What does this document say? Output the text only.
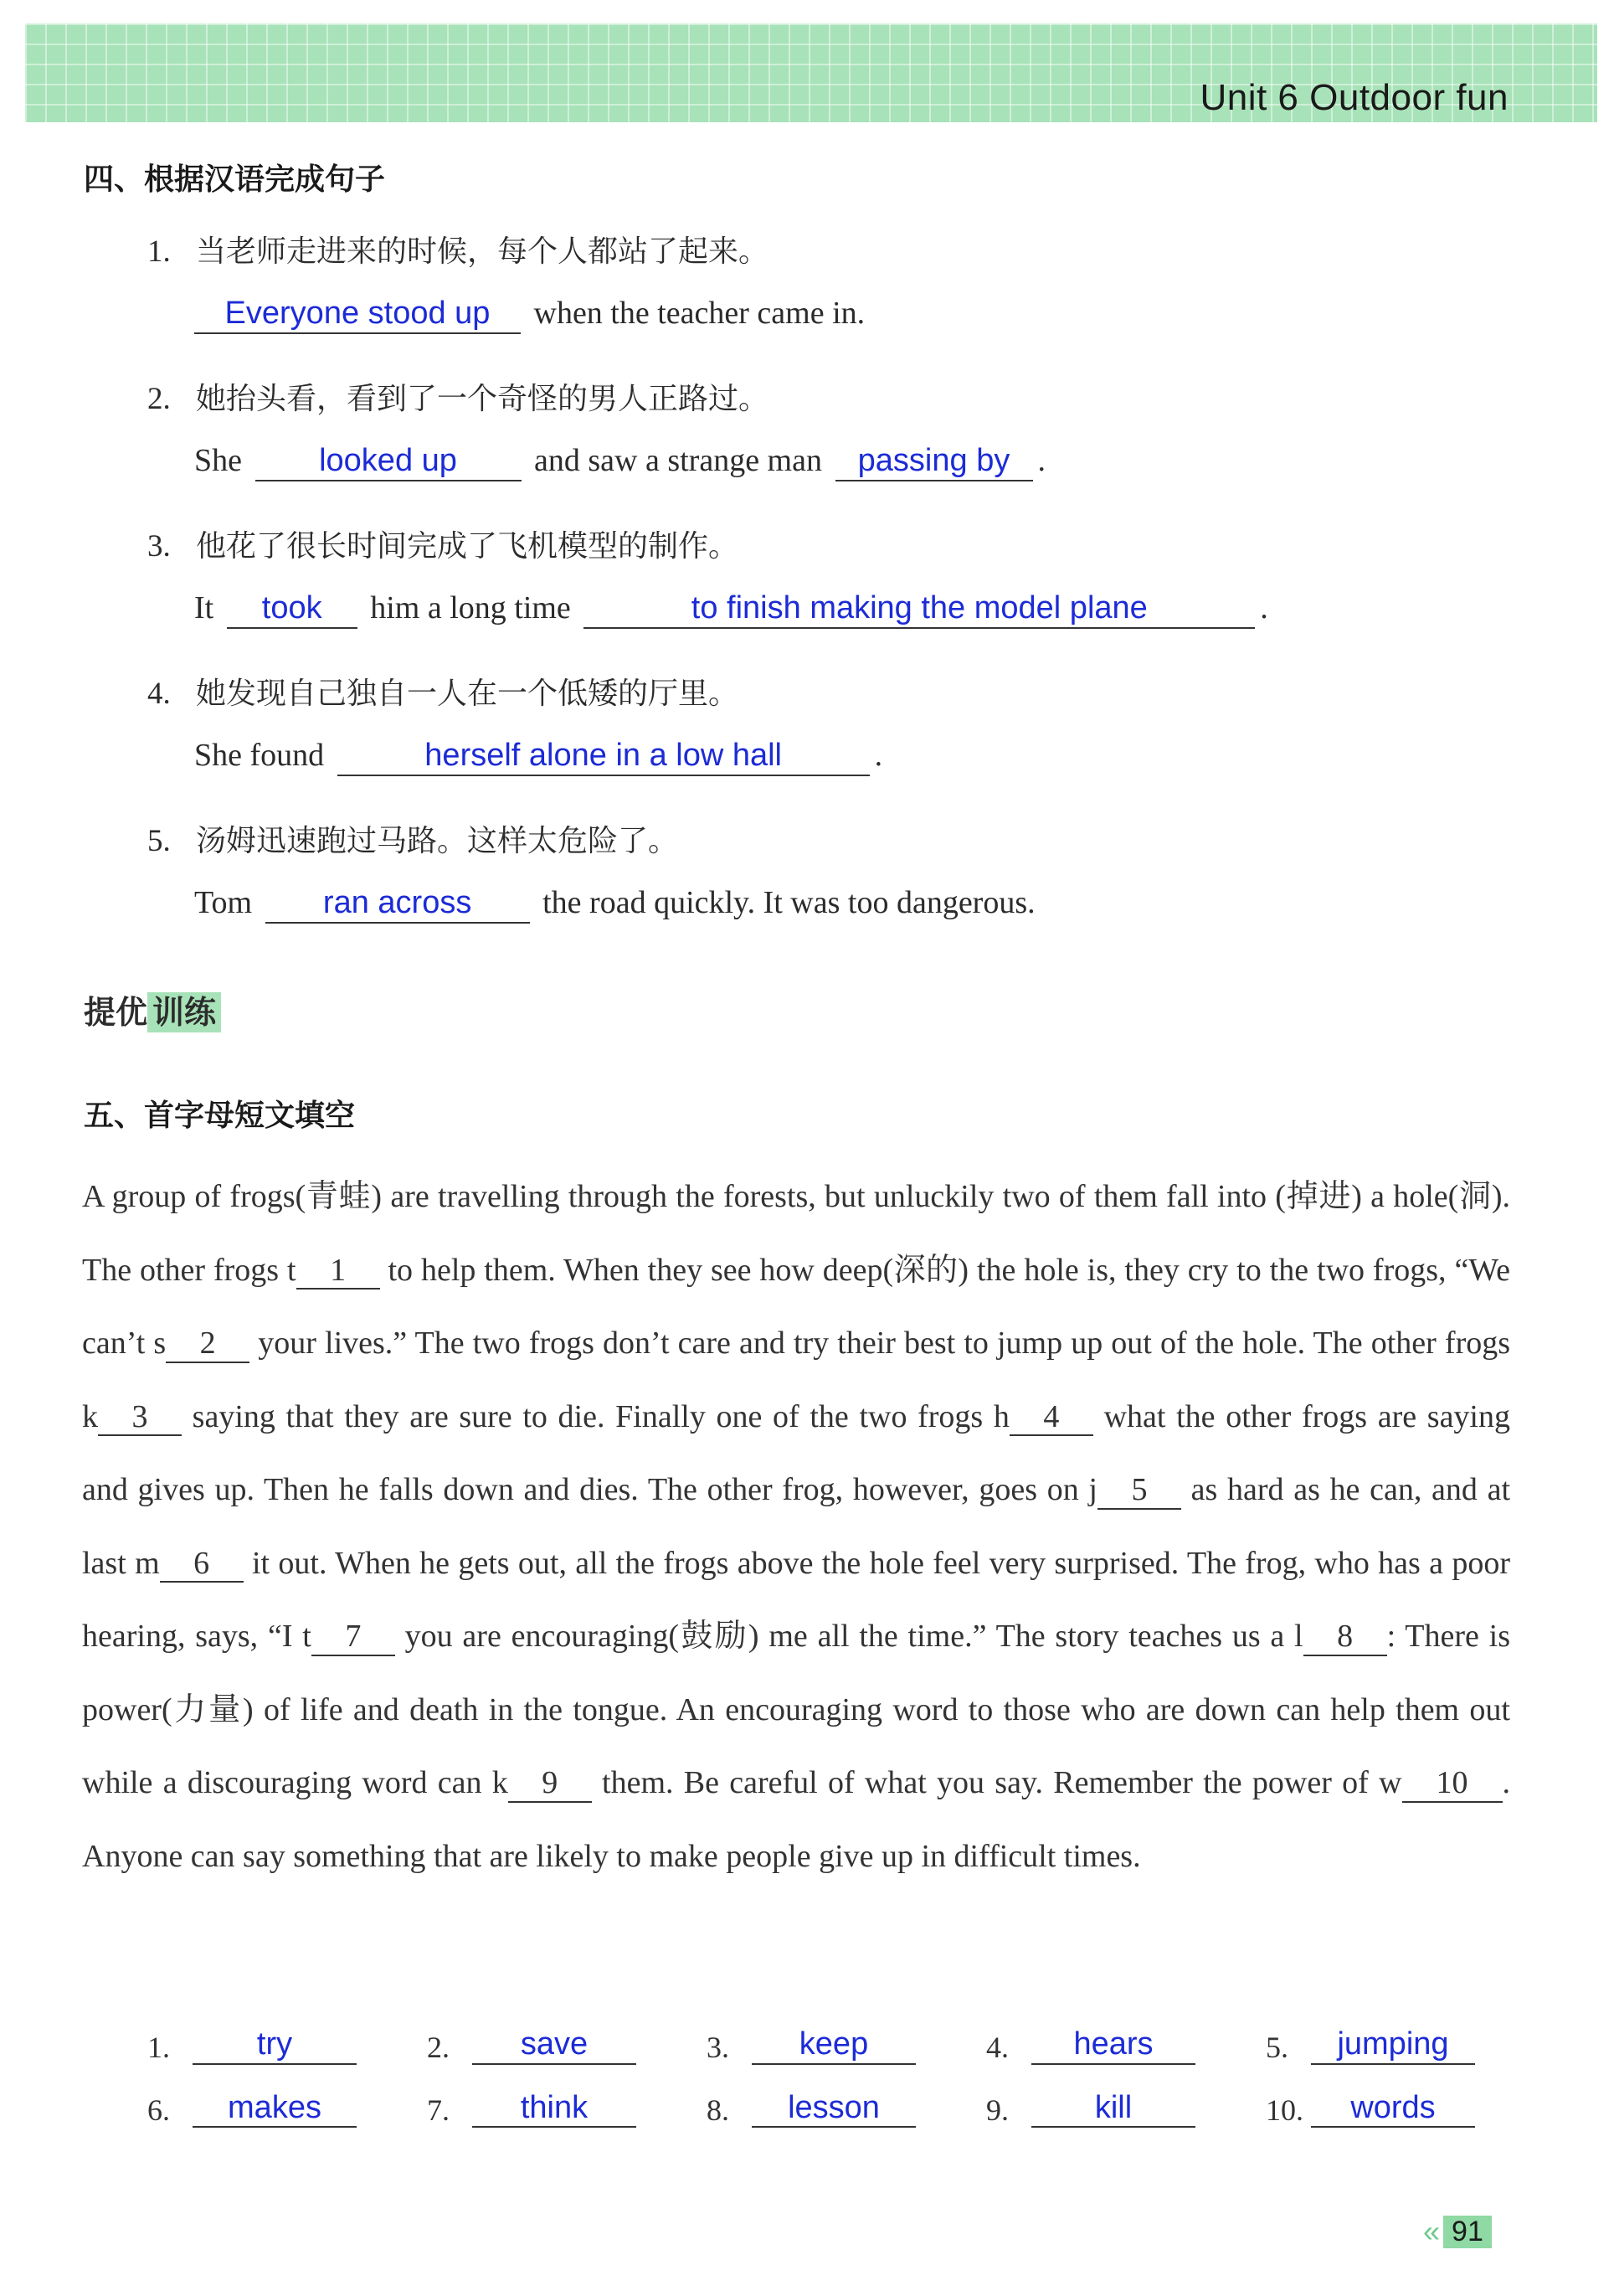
Unit 6 Outdoor fun
四、根据汉语完成句子
1. 当老师走进来的时候，每个人都站了起来。
Everyone stood up when the teacher came in.
2. 她抬头看，看到了一个奇怪的男人正路过。
She looked up and saw a strange man passing by .
3. 他花了很长时间完成了飞机模型的制作。
It took him a long time	to finish making the model plane	.
4. 她发现自己独自一人在一个低矮的厅里。
She found	herself alone in a low hall	.
5. 汤姆迅速跑过马路。这样太危险了。
Tom ran across the road quickly. It was too dangerous.
提优 训练
五、首字母短文填空
A group of frogs(青蛙) are travelling through the forests, but unluckily two of them fall into (掉进) a hole(洞). The other frogs t 1 to help them. When they see how deep(深的) the hole is, they cry to the two frogs, “We can’t s 2 your lives.” The two frogs don’t care and try their best to jump up out of the hole. The other frogs k 3 saying that they are sure to die. Finally one of the two frogs h 4 what the other frogs are saying and gives up. Then he falls down and dies. The other frog, however, goes on j 5 as hard as he can, and at last m 6 it out. When he gets out, all the frogs above the hole feel very surprised. The frog, who has a poor hearing, says, “I t 7 you are encouraging(鼓励) me all the time.” The story teaches us a l 8 : There is power(力量) of life and death in the tongue. An encouraging word to those who are down can help them out while a discouraging word can k 9 them. Be careful of what you say. Remember the power of w 10 . Anyone can say something that are likely to make people give up in difficult times.
1.	try	2.	save	3.	keep	4.	hears	5.	jumping
6.	makes	7.	think	8.	lesson	9.	kill	10.	words
« 91
